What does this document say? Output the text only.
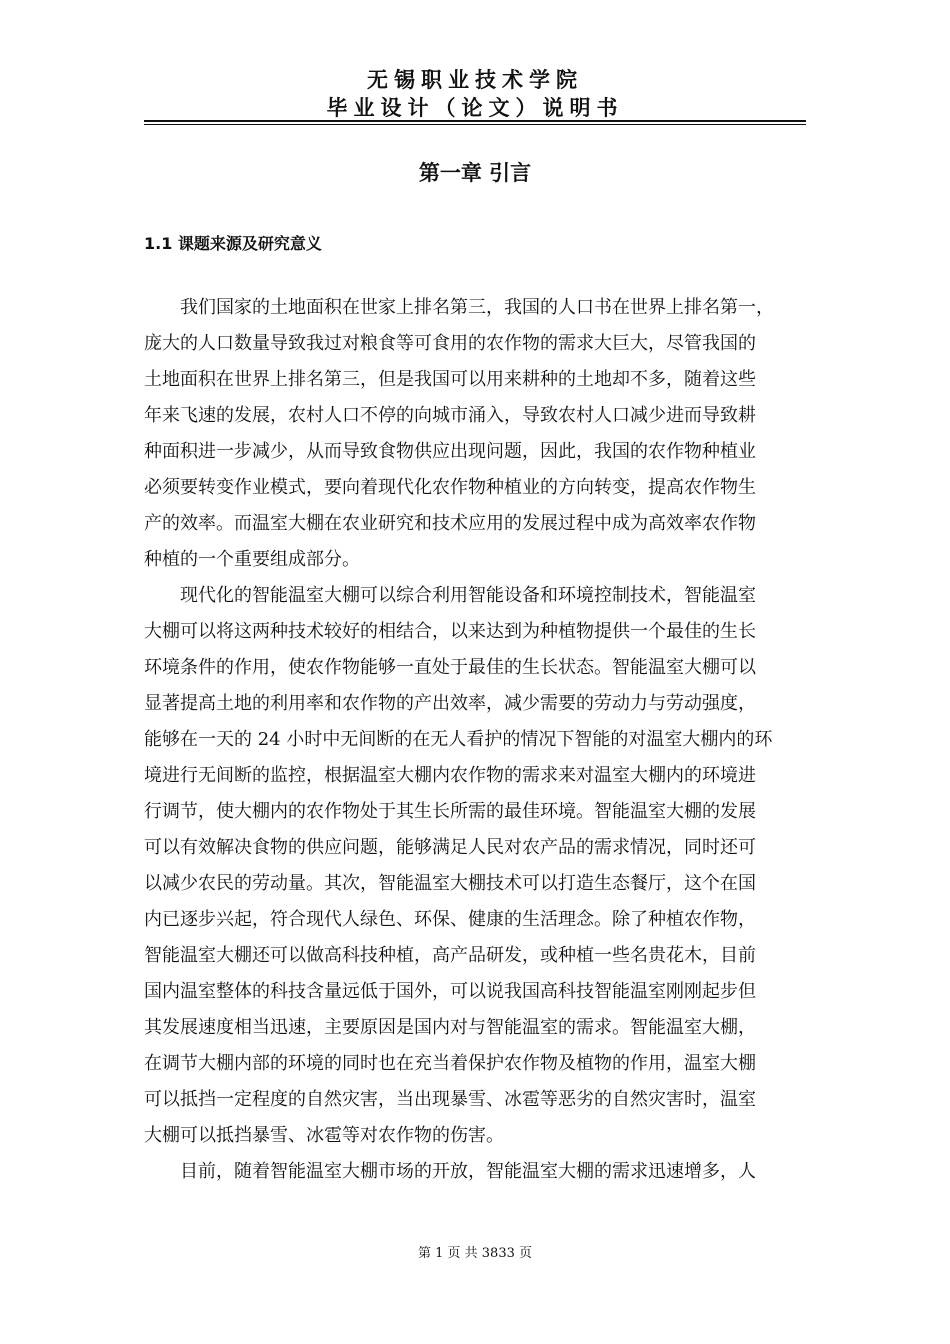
无锡职业技术学院
毕业设计（论文）说明书
第一章 引言
1.1 课题来源及研究意义
我们国家的土地面积在世家上排名第三，我国的人口书在世界上排名第一，
庞大的人口数量导致我过对粮食等可食用的农作物的需求大巨大，尽管我国的
土地面积在世界上排名第三，但是我国可以用来耕种的土地却不多，随着这些
年来飞速的发展，农村人口不停的向城市涌入，导致农村人口减少进而导致耕
种面积进一步减少，从而导致食物供应出现问题，因此，我国的农作物种植业
必须要转变作业模式，要向着现代化农作物种植业的方向转变，提高农作物生
产的效率。而温室大棚在农业研究和技术应用的发展过程中成为高效率农作物
种植的一个重要组成部分。
现代化的智能温室大棚可以综合利用智能设备和环境控制技术，智能温室
大棚可以将这两种技术较好的相结合，以来达到为种植物提供一个最佳的生长
环境条件的作用，使农作物能够一直处于最佳的生长状态。智能温室大棚可以
显著提高土地的利用率和农作物的产出效率，减少需要的劳动力与劳动强度，
能够在一天的 24 小时中无间断的在无人看护的情况下智能的对温室大棚内的环
境进行无间断的监控，根据温室大棚内农作物的需求来对温室大棚内的环境进
行调节，使大棚内的农作物处于其生长所需的最佳环境。智能温室大棚的发展
可以有效解决食物的供应问题，能够满足人民对农产品的需求情况，同时还可
以减少农民的劳动量。其次，智能温室大棚技术可以打造生态餐厅，这个在国
内已逐步兴起，符合现代人绿色、环保、健康的生活理念。除了种植农作物，
智能温室大棚还可以做高科技种植，高产品研发，或种植一些名贵花木，目前
国内温室整体的科技含量远低于国外，可以说我国高科技智能温室刚刚起步但
其发展速度相当迅速，主要原因是国内对与智能温室的需求。智能温室大棚，
在调节大棚内部的环境的同时也在充当着保护农作物及植物的作用，温室大棚
可以抵挡一定程度的自然灾害，当出现暴雪、冰雹等恶劣的自然灾害时，温室
大棚可以抵挡暴雪、冰雹等对农作物的伤害。
目前，随着智能温室大棚市场的开放，智能温室大棚的需求迅速增多，人
第 1 页 共 3833 页
